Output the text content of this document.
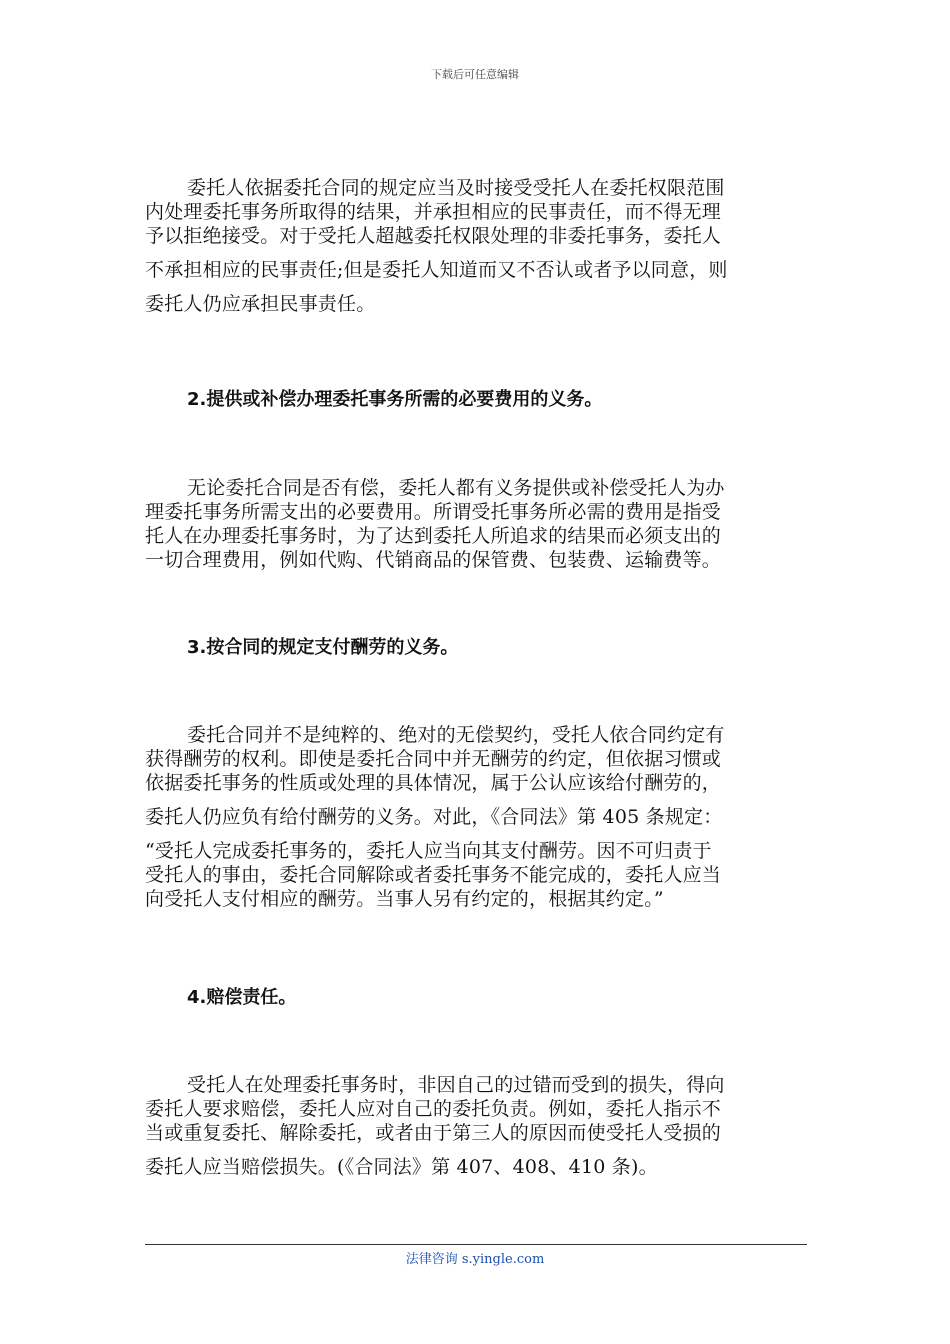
下载后可任意编辑
委托人依据委托合同的规定应当及时接受受托人在委托权限范围
内处理委托事务所取得的结果，并承担相应的民事责任，而不得无理
予以拒绝接受。对于受托人超越委托权限处理的非委托事务，委托人
不承担相应的民事责任;但是委托人知道而又不否认或者予以同意，则
委托人仍应承担民事责任。
2.提供或补偿办理委托事务所需的必要费用的义务。
无论委托合同是否有偿，委托人都有义务提供或补偿受托人为办
理委托事务所需支出的必要费用。所谓受托事务所必需的费用是指受
托人在办理委托事务时，为了达到委托人所追求的结果而必须支出的
一切合理费用，例如代购、代销商品的保管费、包装费、运输费等。
3.按合同的规定支付酬劳的义务。
委托合同并不是纯粹的、绝对的无偿契约，受托人依合同约定有
获得酬劳的权利。即使是委托合同中并无酬劳的约定，但依据习惯或
依据委托事务的性质或处理的具体情况，属于公认应该给付酬劳的，
委托人仍应负有给付酬劳的义务。对此，《合同法》第 405 条规定：
“受托人完成委托事务的，委托人应当向其支付酬劳。因不可归责于
受托人的事由，委托合同解除或者委托事务不能完成的，委托人应当
向受托人支付相应的酬劳。当事人另有约定的，根据其约定。”
4.赔偿责任。
受托人在处理委托事务时，非因自己的过错而受到的损失，得向
委托人要求赔偿，委托人应对自己的委托负责。例如，委托人指示不
当或重复委托、解除委托，或者由于第三人的原因而使受托人受损的
委托人应当赔偿损失。(《合同法》第 407、408、410 条)。
法律咨询 s.yingle.com
